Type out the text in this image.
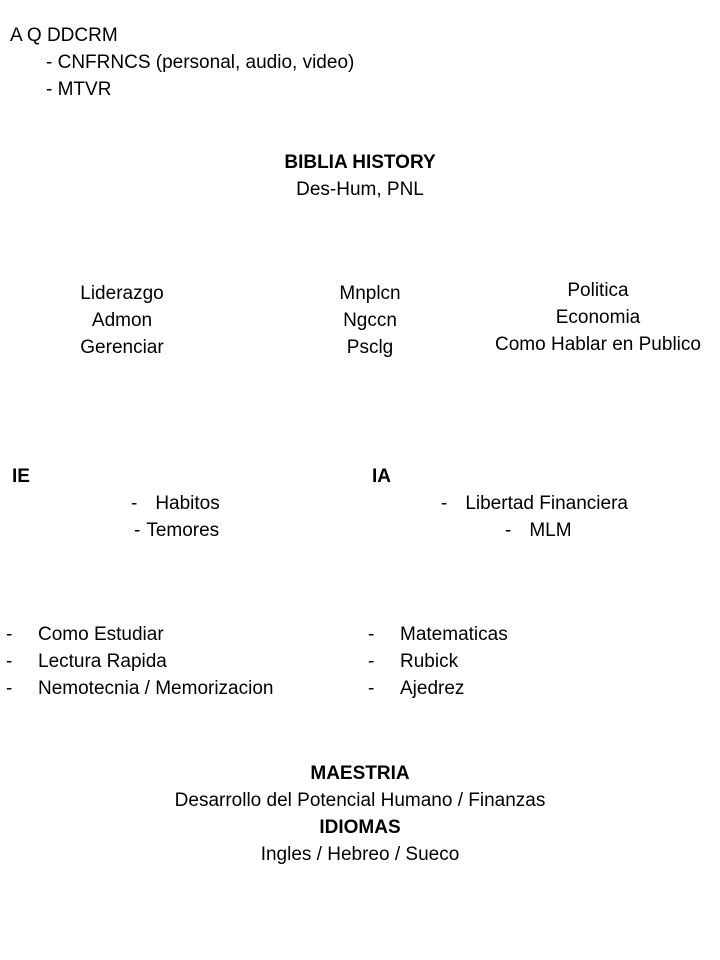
A Q DDCRM
- CNFRNCS (personal, audio, video)
- MTVR
BIBLIA HISTORY
Des-Hum, PNL
Liderazgo
Admon
Gerenciar
Mnplcn
Ngccn
Psclg
Politica
Economia
Como Hablar en Publico
IE
- Habitos
- Temores
IA
- Libertad Financiera
- MLM
- Como Estudiar
- Lectura Rapida
- Nemotecnia / Memorizacion
- Matematicas
- Rubick
- Ajedrez
MAESTRIA
Desarrollo del Potencial Humano / Finanzas
IDIOMAS
Ingles / Hebreo / Sueco
